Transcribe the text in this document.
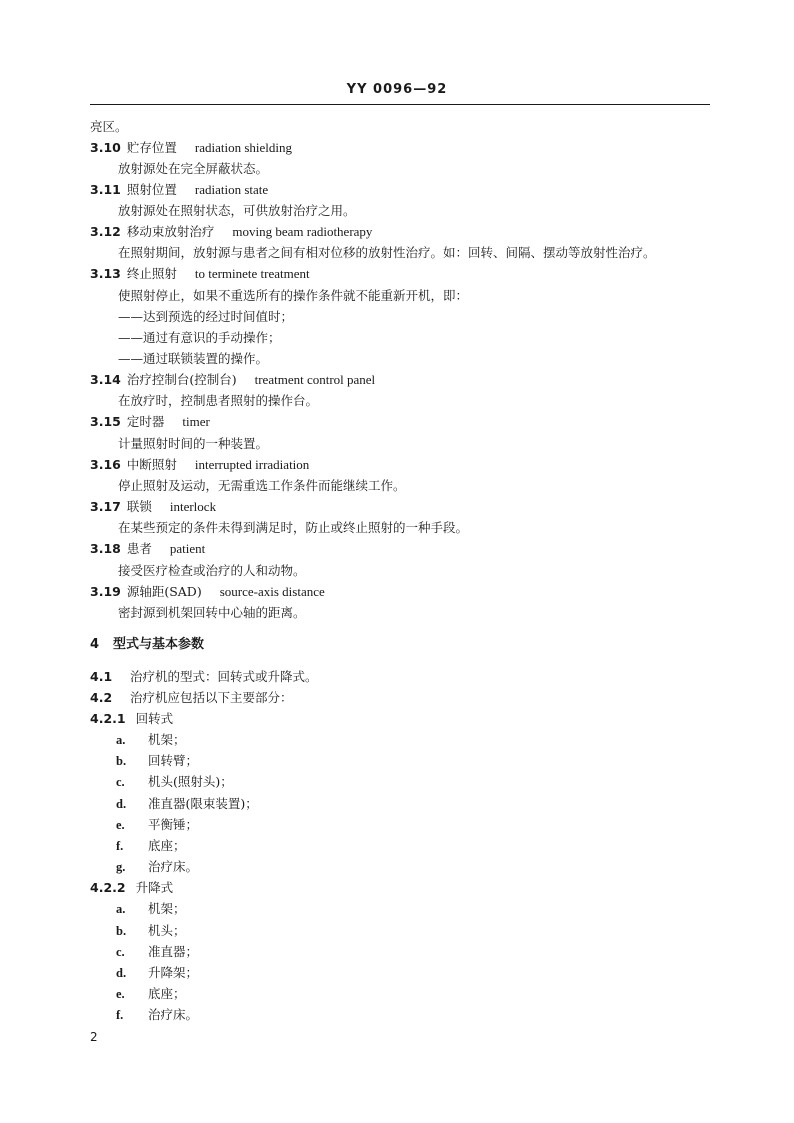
YY 0096—92
亮区。
3.10 贮存位置 radiation shielding
放射源处在完全屏蔽状态。
3.11 照射位置 radiation state
放射源处在照射状态，可供放射治疗之用。
3.12 移动束放射治疗 moving beam radiotherapy
在照射期间，放射源与患者之间有相对位移的放射性治疗。如：回转、间隔、摆动等放射性治疗。
3.13 终止照射 to terminete treatment
使照射停止，如果不重选所有的操作条件就不能重新开机，即：
——达到预选的经过时间值时；
——通过有意识的手动操作；
——通过联锁装置的操作。
3.14 治疗控制台(控制台) treatment control panel
在放疗时，控制患者照射的操作台。
3.15 定时器 timer
计量照射时间的一种装置。
3.16 中断照射 interrupted irradiation
停止照射及运动，无需重选工作条件而能继续工作。
3.17 联锁 interlock
在某些预定的条件未得到满足时，防止或终止照射的一种手段。
3.18 患者 patient
接受医疗检查或治疗的人和动物。
3.19 源轴距(SAD) source-axis distance
密封源到机架回转中心轴的距离。
4 型式与基本参数
4.1 治疗机的型式：回转式或升降式。
4.2 治疗机应包括以下主要部分：
4.2.1 回转式
a. 机架；
b. 回转臂；
c. 机头(照射头)；
d. 准直器(限束装置)；
e. 平衡锤；
f. 底座；
g. 治疗床。
4.2.2 升降式
a. 机架；
b. 机头；
c. 准直器；
d. 升降架；
e. 底座；
f. 治疗床。
2
